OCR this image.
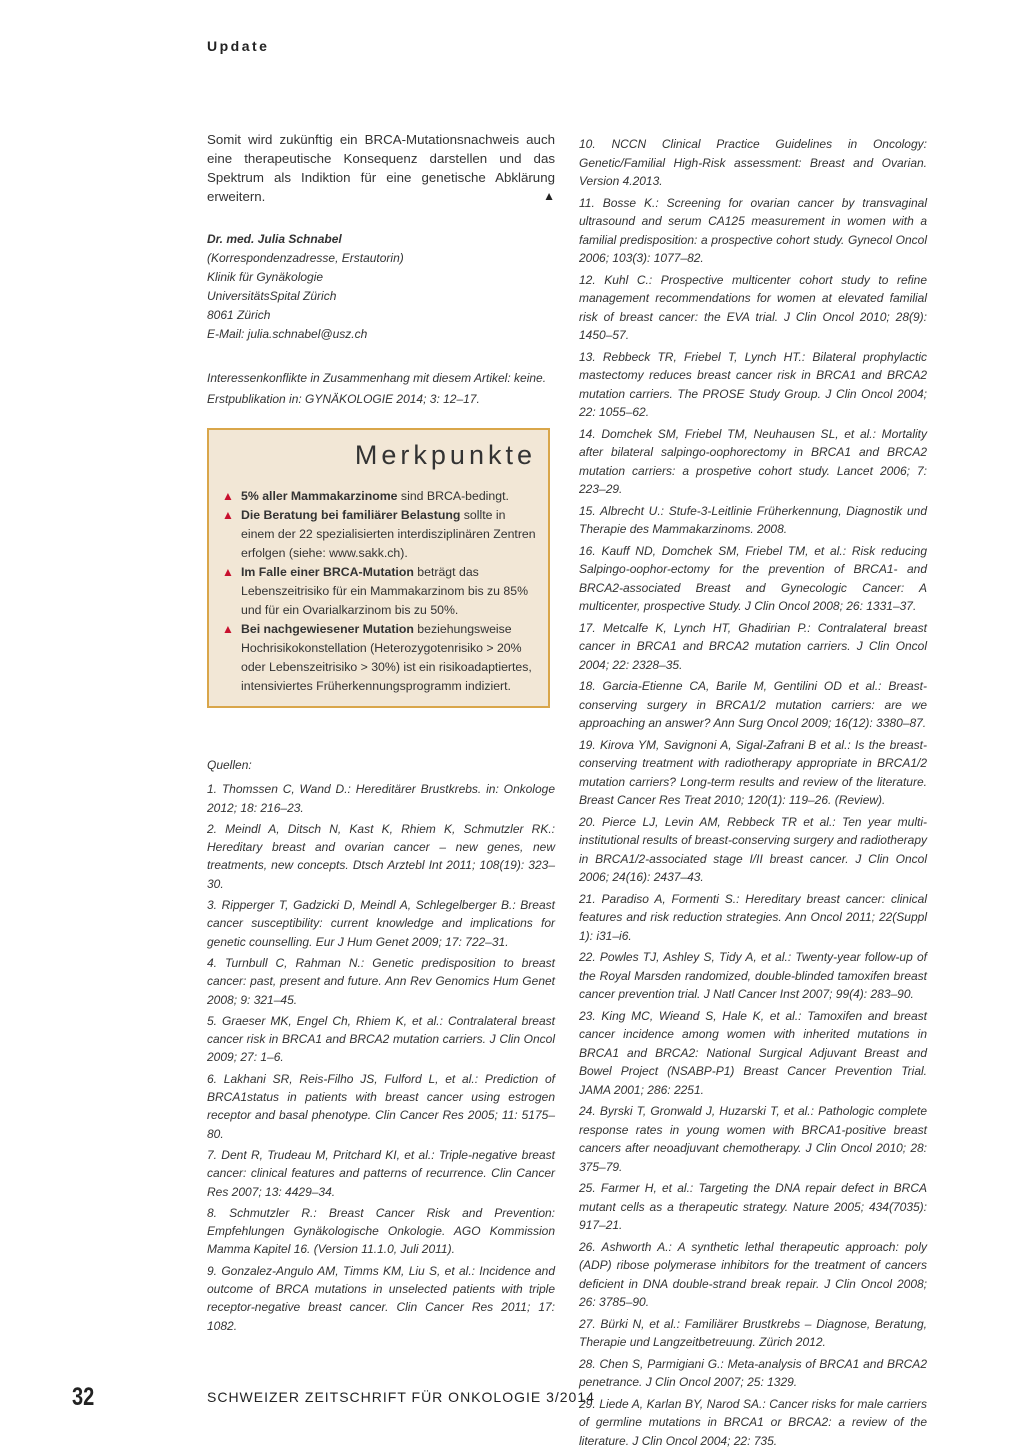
Update

Somit wird zukünftig ein BRCA-Mutationsnachweis auch eine therapeutische Konsequenz darstellen und das Spektrum als Indiktion für eine genetische Abklärung erweitern.	▲

Dr. med. Julia Schnabel
(Korrespondenzadresse, Erstautorin)
Klinik für Gynäkologie
UniversitätsSpital Zürich
8061 Zürich
E-Mail: julia.schnabel@usz.ch
Interessenkonflikte in Zusammenhang mit diesem Artikel: keine.
Erstpublikation in: GYNÄKOLOGIE 2014; 3: 12–17.
Merkpunkte
▲ 5% aller Mammakarzinome sind BRCA-bedingt.
▲ Die Beratung bei familiärer Belastung sollte in einem der 22 spezialisierten interdisziplinären Zentren erfolgen (siehe: www.sakk.ch).
▲ Im Falle einer BRCA-Mutation beträgt das Lebenszeitrisiko für ein Mammakarzinom bis zu 85% und für ein Ovarialkarzinom bis zu 50%.
▲ Bei nachgewiesener Mutation beziehungsweise Hochrisikokonstellation (Heterozygotenrisiko > 20% oder Lebenszeitrisiko > 30%) ist ein risikoadaptiertes, intensiviertes Früherkennungsprogramm indiziert.
Quellen:
1. Thomssen C, Wand D.: Hereditärer Brustkrebs. in: Onkologe 2012; 18: 216–23.
2. Meindl A, Ditsch N, Kast K, Rhiem K, Schmutzler RK.: Hereditary breast and ovarian cancer – new genes, new treatments, new concepts. Dtsch Arztebl Int 2011; 108(19): 323–30.
3. Ripperger T, Gadzicki D, Meindl A, Schlegelberger B.: Breast cancer susceptibility: current knowledge and implications for genetic counselling. Eur J Hum Genet 2009; 17: 722–31.
4. Turnbull C, Rahman N.: Genetic predisposition to breast cancer: past, present and future. Ann Rev Genomics Hum Genet 2008; 9: 321–45.
5. Graeser MK, Engel Ch, Rhiem K, et al.: Contralateral breast cancer risk in BRCA1 and BRCA2 mutation carriers. J Clin Oncol 2009; 27: 1–6.
6. Lakhani SR, Reis-Filho JS, Fulford L, et al.: Prediction of BRCA1status in patients with breast cancer using estrogen receptor and basal phenotype. Clin Cancer Res 2005; 11: 5175–80.
7. Dent R, Trudeau M, Pritchard KI, et al.: Triple-negative breast cancer: clinical features and patterns of recurrence. Clin Cancer Res 2007; 13: 4429–34.
8. Schmutzler R.: Breast Cancer Risk and Prevention: Empfehlungen Gynäkologische Onkologie. AGO Kommission Mamma Kapitel 16. (Version 11.1.0, Juli 2011).
9. Gonzalez-Angulo AM, Timms KM, Liu S, et al.: Incidence and outcome of BRCA mutations in unselected patients with triple receptor-negative breast cancer. Clin Cancer Res 2011; 17: 1082.
10. NCCN Clinical Practice Guidelines in Oncology: Genetic/Familial High-Risk assessment: Breast and Ovarian. Version 4.2013.
11. Bosse K.: Screening for ovarian cancer by transvaginal ultrasound and serum CA125 measurement in women with a familial predisposition: a prospective cohort study. Gynecol Oncol 2006; 103(3): 1077–82.
12. Kuhl C.: Prospective multicenter cohort study to refine management recommendations for women at elevated familial risk of breast cancer: the EVA trial. J Clin Oncol 2010; 28(9): 1450–57.
13. Rebbeck TR, Friebel T, Lynch HT.: Bilateral prophylactic mastectomy reduces breast cancer risk in BRCA1 and BRCA2 mutation carriers. The PROSE Study Group. J Clin Oncol 2004; 22: 1055–62.
14. Domchek SM, Friebel TM, Neuhausen SL, et al.: Mortality after bilateral salpingo-oophorectomy in BRCA1 and BRCA2 mutation carriers: a prospetive cohort study. Lancet 2006; 7: 223–29.
15. Albrecht U.: Stufe-3-Leitlinie Früherkennung, Diagnostik und Therapie des Mammakarzinoms. 2008.
16. Kauff ND, Domchek SM, Friebel TM, et al.: Risk reducing Salpingo-oophor-ectomy for the prevention of BRCA1- and BRCA2-associated Breast and Gynecologic Cancer: A multicenter, prospective Study. J Clin Oncol 2008; 26: 1331–37.
17. Metcalfe K, Lynch HT, Ghadirian P.: Contralateral breast cancer in BRCA1 and BRCA2 mutation carriers. J Clin Oncol 2004; 22: 2328–35.
18. Garcia-Etienne CA, Barile M, Gentilini OD et al.: Breast-conserving surgery in BRCA1/2 mutation carriers: are we approaching an answer? Ann Surg Oncol 2009; 16(12): 3380–87.
19. Kirova YM, Savignoni A, Sigal-Zafrani B et al.: Is the breast-conserving treatment with radiotherapy appropriate in BRCA1/2 mutation carriers? Long-term results and review of the literature. Breast Cancer Res Treat 2010; 120(1): 119–26. (Review).
20. Pierce LJ, Levin AM, Rebbeck TR et al.: Ten year multi-institutional results of breast-conserving surgery and radiotherapy in BRCA1/2-associated stage I/II breast cancer. J Clin Oncol 2006; 24(16): 2437–43.
21. Paradiso A, Formenti S.: Hereditary breast cancer: clinical features and risk reduction strategies. Ann Oncol 2011; 22(Suppl 1): i31–i6.
22. Powles TJ, Ashley S, Tidy A, et al.: Twenty-year follow-up of the Royal Marsden randomized, double-blinded tamoxifen breast cancer prevention trial. J Natl Cancer Inst 2007; 99(4): 283–90.
23. King MC, Wieand S, Hale K, et al.: Tamoxifen and breast cancer incidence among women with inherited mutations in BRCA1 and BRCA2: National Surgical Adjuvant Breast and Bowel Project (NSABP-P1) Breast Cancer Prevention Trial. JAMA 2001; 286: 2251.
24. Byrski T, Gronwald J, Huzarski T, et al.: Pathologic complete response rates in young women with BRCA1-positive breast cancers after neoadjuvant chemotherapy. J Clin Oncol 2010; 28: 375–79.
25. Farmer H, et al.: Targeting the DNA repair defect in BRCA mutant cells as a therapeutic strategy. Nature 2005; 434(7035): 917–21.
26. Ashworth A.: A synthetic lethal therapeutic approach: poly (ADP) ribose polymerase inhibitors for the treatment of cancers deficient in DNA double-strand break repair. J Clin Oncol 2008; 26: 3785–90.
27. Bürki N, et al.: Familiärer Brustkrebs – Diagnose, Beratung, Therapie und Langzeitbetreuung. Zürich 2012.
28. Chen S, Parmigiani G.: Meta-analysis of BRCA1 and BRCA2 penetrance. J Clin Oncol 2007; 25: 1329.
29. Liede A, Karlan BY, Narod SA.: Cancer risks for male carriers of germline mutations in BRCA1 or BRCA2: a review of the literature. J Clin Oncol 2004; 22: 735.
32	SCHWEIZER ZEITSCHRIFT FÜR ONKOLOGIE 3/2014
